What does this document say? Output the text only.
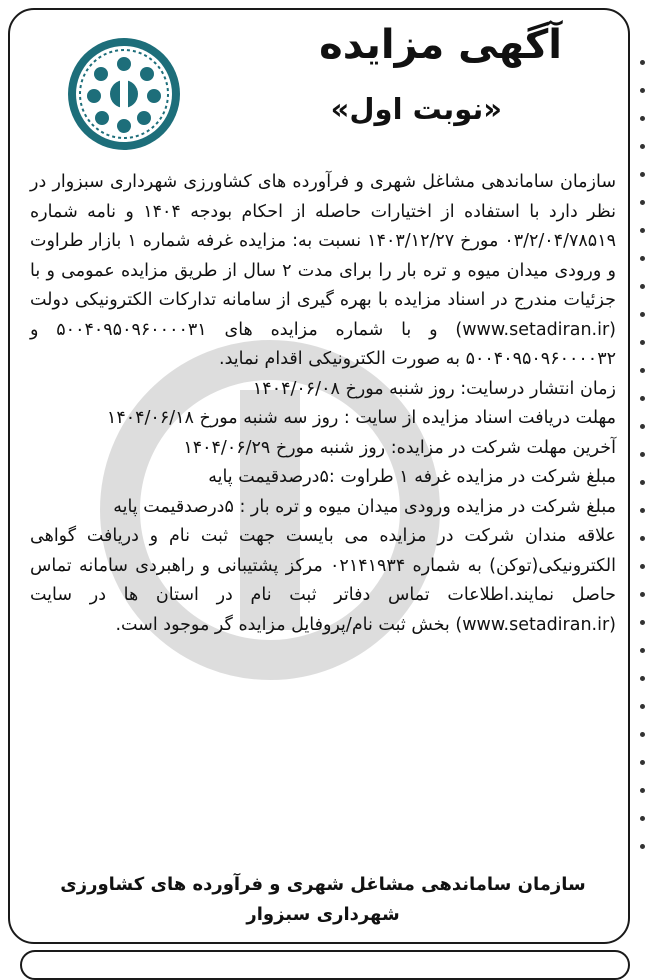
آگهی مزایده
«نوبت اول»

سازمان ساماندهی مشاغل شهری و فرآورده های کشاورزی شهرداری سبزوار در نظر دارد با استفاده از اختیارات حاصله از احکام بودجه ۱۴۰۴ و نامه شماره ۰۳/۲/۰۴/۷۸۵۱۹ مورخ ۱۴۰۳/۱۲/۲۷ نسبت به: مزایده غرفه شماره ۱ بازار طراوت و ورودی میدان میوه و تره بار را برای مدت ۲ سال از طریق مزایده عمومی و با جزئیات مندرج در اسناد مزایده با بهره گیری از سامانه تدارکات الکترونیکی دولت (www.setadiran.ir) و با شماره مزایده های ۵۰۰۴۰۹۵۰۹۶۰۰۰۰۳۱ و ۵۰۰۴۰۹۵۰۹۶۰۰۰۰۳۲ به صورت الکترونیکی اقدام نماید.

زمان انتشار درسایت: روز شنبه مورخ ۱۴۰۴/۰۶/۰۸

مهلت دریافت اسناد مزایده از سایت : روز سه شنبه مورخ ۱۴۰۴/۰۶/۱۸

آخرین مهلت شرکت در مزایده: روز شنبه مورخ ۱۴۰۴/۰۶/۲۹

مبلغ شرکت در مزایده غرفه ۱ طراوت :۵درصدقیمت پایه

مبلغ شرکت در مزایده ورودی میدان میوه و تره بار : ۵درصدقیمت پایه

علاقه مندان شرکت در مزایده می بایست جهت ثبت نام و دریافت گواهی الکترونیکی(توکن) به شماره ۰۲۱۴۱۹۳۴ مرکز پشتیبانی و راهبردی سامانه تماس حاصل نمایند.اطلاعات تماس دفاتر ثبت نام در استان ها در سایت (www.setadiran.ir) بخش ثبت نام/پروفایل مزایده گر موجود است.

سازمان ساماندهی مشاغل شهری و فرآورده های کشاورزی
شهرداری سبزوار
